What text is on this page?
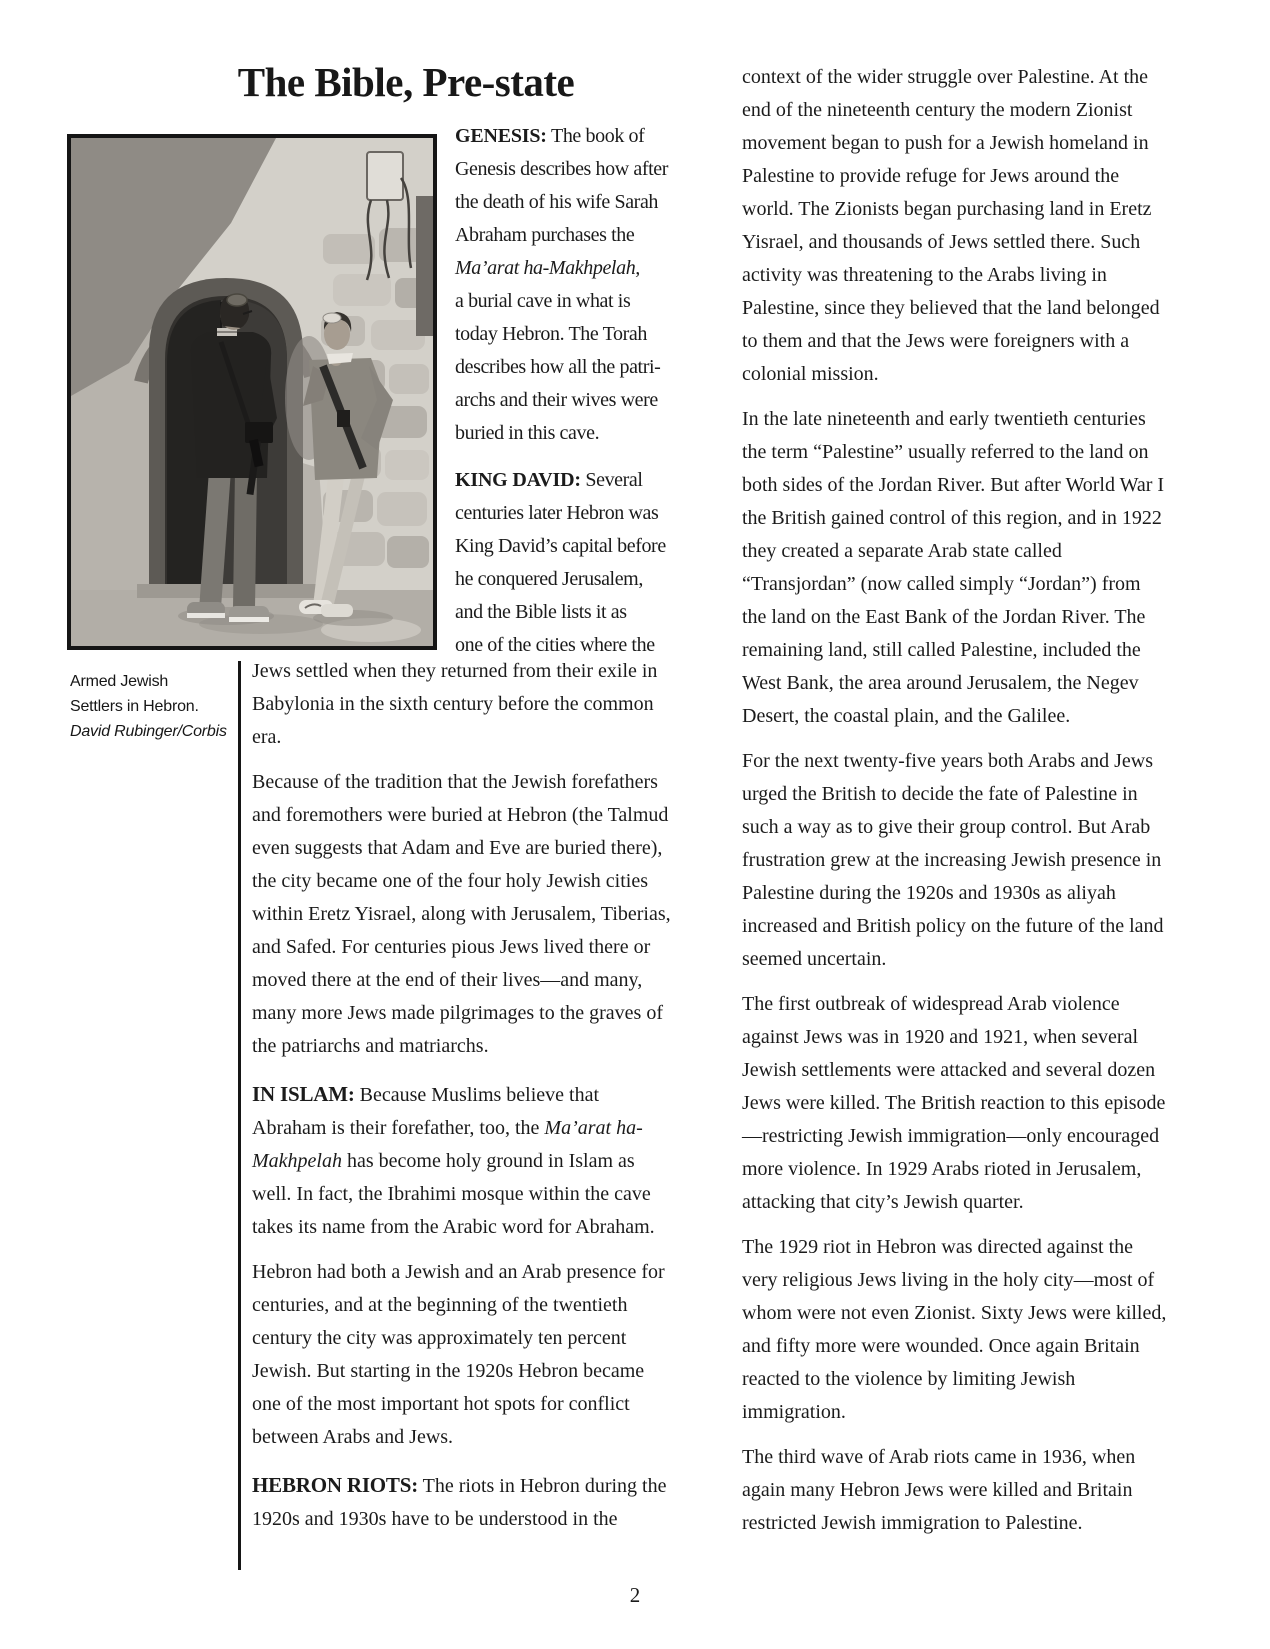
The Bible, Pre-state
GENESIS: The book of
Genesis describes how after
the death of his wife Sarah
Abraham purchases the
Ma’arat ha-Makhpelah,
a burial cave in what is
today Hebron. The Torah
describes how all the patri-
archs and their wives were
buried in this cave.
KING DAVID: Several
centuries later Hebron was
King David’s capital before
he conquered Jerusalem,
and the Bible lists it as
one of the cities where the
Armed Jewish
Settlers in Hebron.
David Rubinger/Corbis

Jews settled when they returned from their exile in Babylonia in the sixth century before the common era.

Because of the tradition that the Jewish forefathers and foremothers were buried at Hebron (the Talmud even suggests that Adam and Eve are buried there), the city became one of the four holy Jewish cities within Eretz Yisrael, along with Jerusalem, Tiberias, and Safed. For centuries pious Jews lived there or moved there at the end of their lives—and many, many more Jews made pilgrimages to the graves of the patriarchs and matriarchs.

IN ISLAM: Because Muslims believe that Abraham is their forefather, too, the Ma’arat ha-Makhpelah has become holy ground in Islam as well. In fact, the Ibrahimi mosque within the cave takes its name from the Arabic word for Abraham.

Hebron had both a Jewish and an Arab presence for centuries, and at the beginning of the twentieth century the city was approximately ten percent Jewish. But starting in the 1920s Hebron became one of the most important hot spots for conflict between Arabs and Jews.

HEBRON RIOTS: The riots in Hebron during the 1920s and 1930s have to be understood in the

context of the wider struggle over Palestine. At the end of the nineteenth century the modern Zionist movement began to push for a Jewish homeland in Palestine to provide refuge for Jews around the world. The Zionists began purchasing land in Eretz Yisrael, and thousands of Jews settled there. Such activity was threatening to the Arabs living in Palestine, since they believed that the land belonged to them and that the Jews were foreigners with a colonial mission.

In the late nineteenth and early twentieth centuries the term “Palestine” usually referred to the land on both sides of the Jordan River. But after World War I the British gained control of this region, and in 1922 they created a separate Arab state called “Transjordan” (now called simply “Jordan”) from the land on the East Bank of the Jordan River. The remaining land, still called Palestine, included the West Bank, the area around Jerusalem, the Negev Desert, the coastal plain, and the Galilee.

For the next twenty-five years both Arabs and Jews urged the British to decide the fate of Palestine in such a way as to give their group control. But Arab frustration grew at the increasing Jewish presence in Palestine during the 1920s and 1930s as aliyah increased and British policy on the future of the land seemed uncertain.

The first outbreak of widespread Arab violence against Jews was in 1920 and 1921, when several Jewish settlements were attacked and several dozen Jews were killed. The British reaction to this episode—restricting Jewish immigration—only encouraged more violence. In 1929 Arabs rioted in Jerusalem, attacking that city’s Jewish quarter.

The 1929 riot in Hebron was directed against the very religious Jews living in the holy city—most of whom were not even Zionist. Sixty Jews were killed, and fifty more were wounded. Once again Britain reacted to the violence by limiting Jewish immigration.

The third wave of Arab riots came in 1936, when again many Hebron Jews were killed and Britain restricted Jewish immigration to Palestine.

2
